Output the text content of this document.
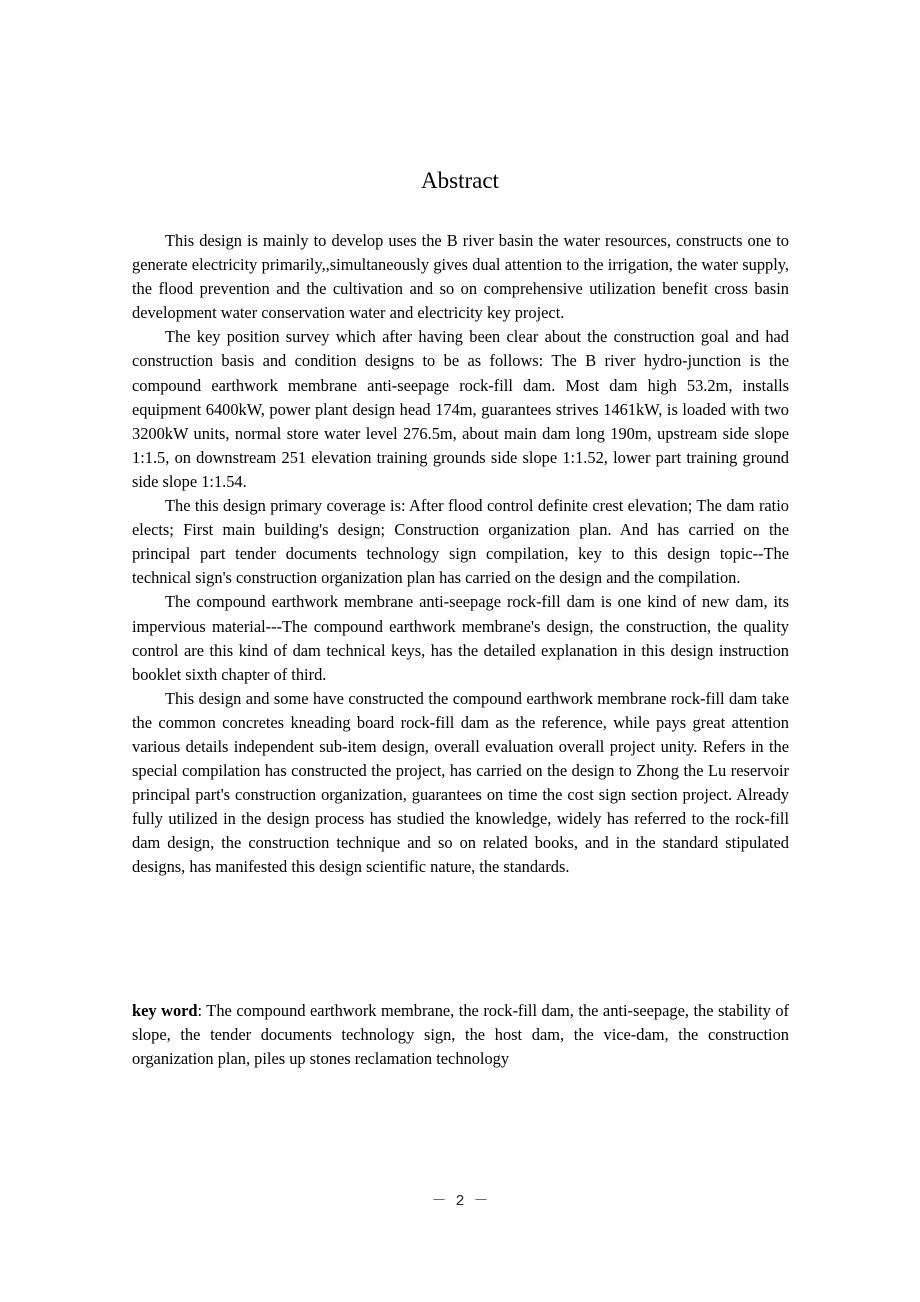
Abstract

This design is mainly to develop uses the B river basin the water resources, constructs one to generate electricity primarily,,simultaneously gives dual attention to the irrigation, the water supply, the flood prevention and the cultivation and so on comprehensive utilization benefit cross basin development water conservation water and electricity key project.

The key position survey which after having been clear about the construction goal and had construction basis and condition designs to be as follows: The B river hydro-junction is the compound earthwork membrane anti-seepage rock-fill dam. Most dam high 53.2m, installs equipment 6400kW, power plant design head 174m, guarantees strives 1461kW, is loaded with two 3200kW units, normal store water level 276.5m, about main dam long 190m, upstream side slope 1:1.5, on downstream 251 elevation training grounds side slope 1:1.52, lower part training ground side slope 1:1.54.

The this design primary coverage is: After flood control definite crest elevation; The dam ratio elects; First main building's design; Construction organization plan. And has carried on the principal part tender documents technology sign compilation, key to this design topic--The technical sign's construction organization plan has carried on the design and the compilation.

The compound earthwork membrane anti-seepage rock-fill dam is one kind of new dam, its impervious material---The compound earthwork membrane's design, the construction, the quality control are this kind of dam technical keys, has the detailed explanation in this design instruction booklet sixth chapter of third.

This design and some have constructed the compound earthwork membrane rock-fill dam take the common concretes kneading board rock-fill dam as the reference, while pays great attention various details independent sub-item design, overall evaluation overall project unity. Refers in the special compilation has constructed the project, has carried on the design to Zhong the Lu reservoir principal part's construction organization, guarantees on time the cost sign section project. Already fully utilized in the design process has studied the knowledge, widely has referred to the rock-fill dam design, the construction technique and so on related books, and in the standard stipulated designs, has manifested this design scientific nature, the standards.

key word: The compound earthwork membrane, the rock-fill dam, the anti-seepage, the stability of slope, the tender documents technology sign, the host dam, the vice-dam, the construction organization plan, piles up stones reclamation technology

－ 2 －
